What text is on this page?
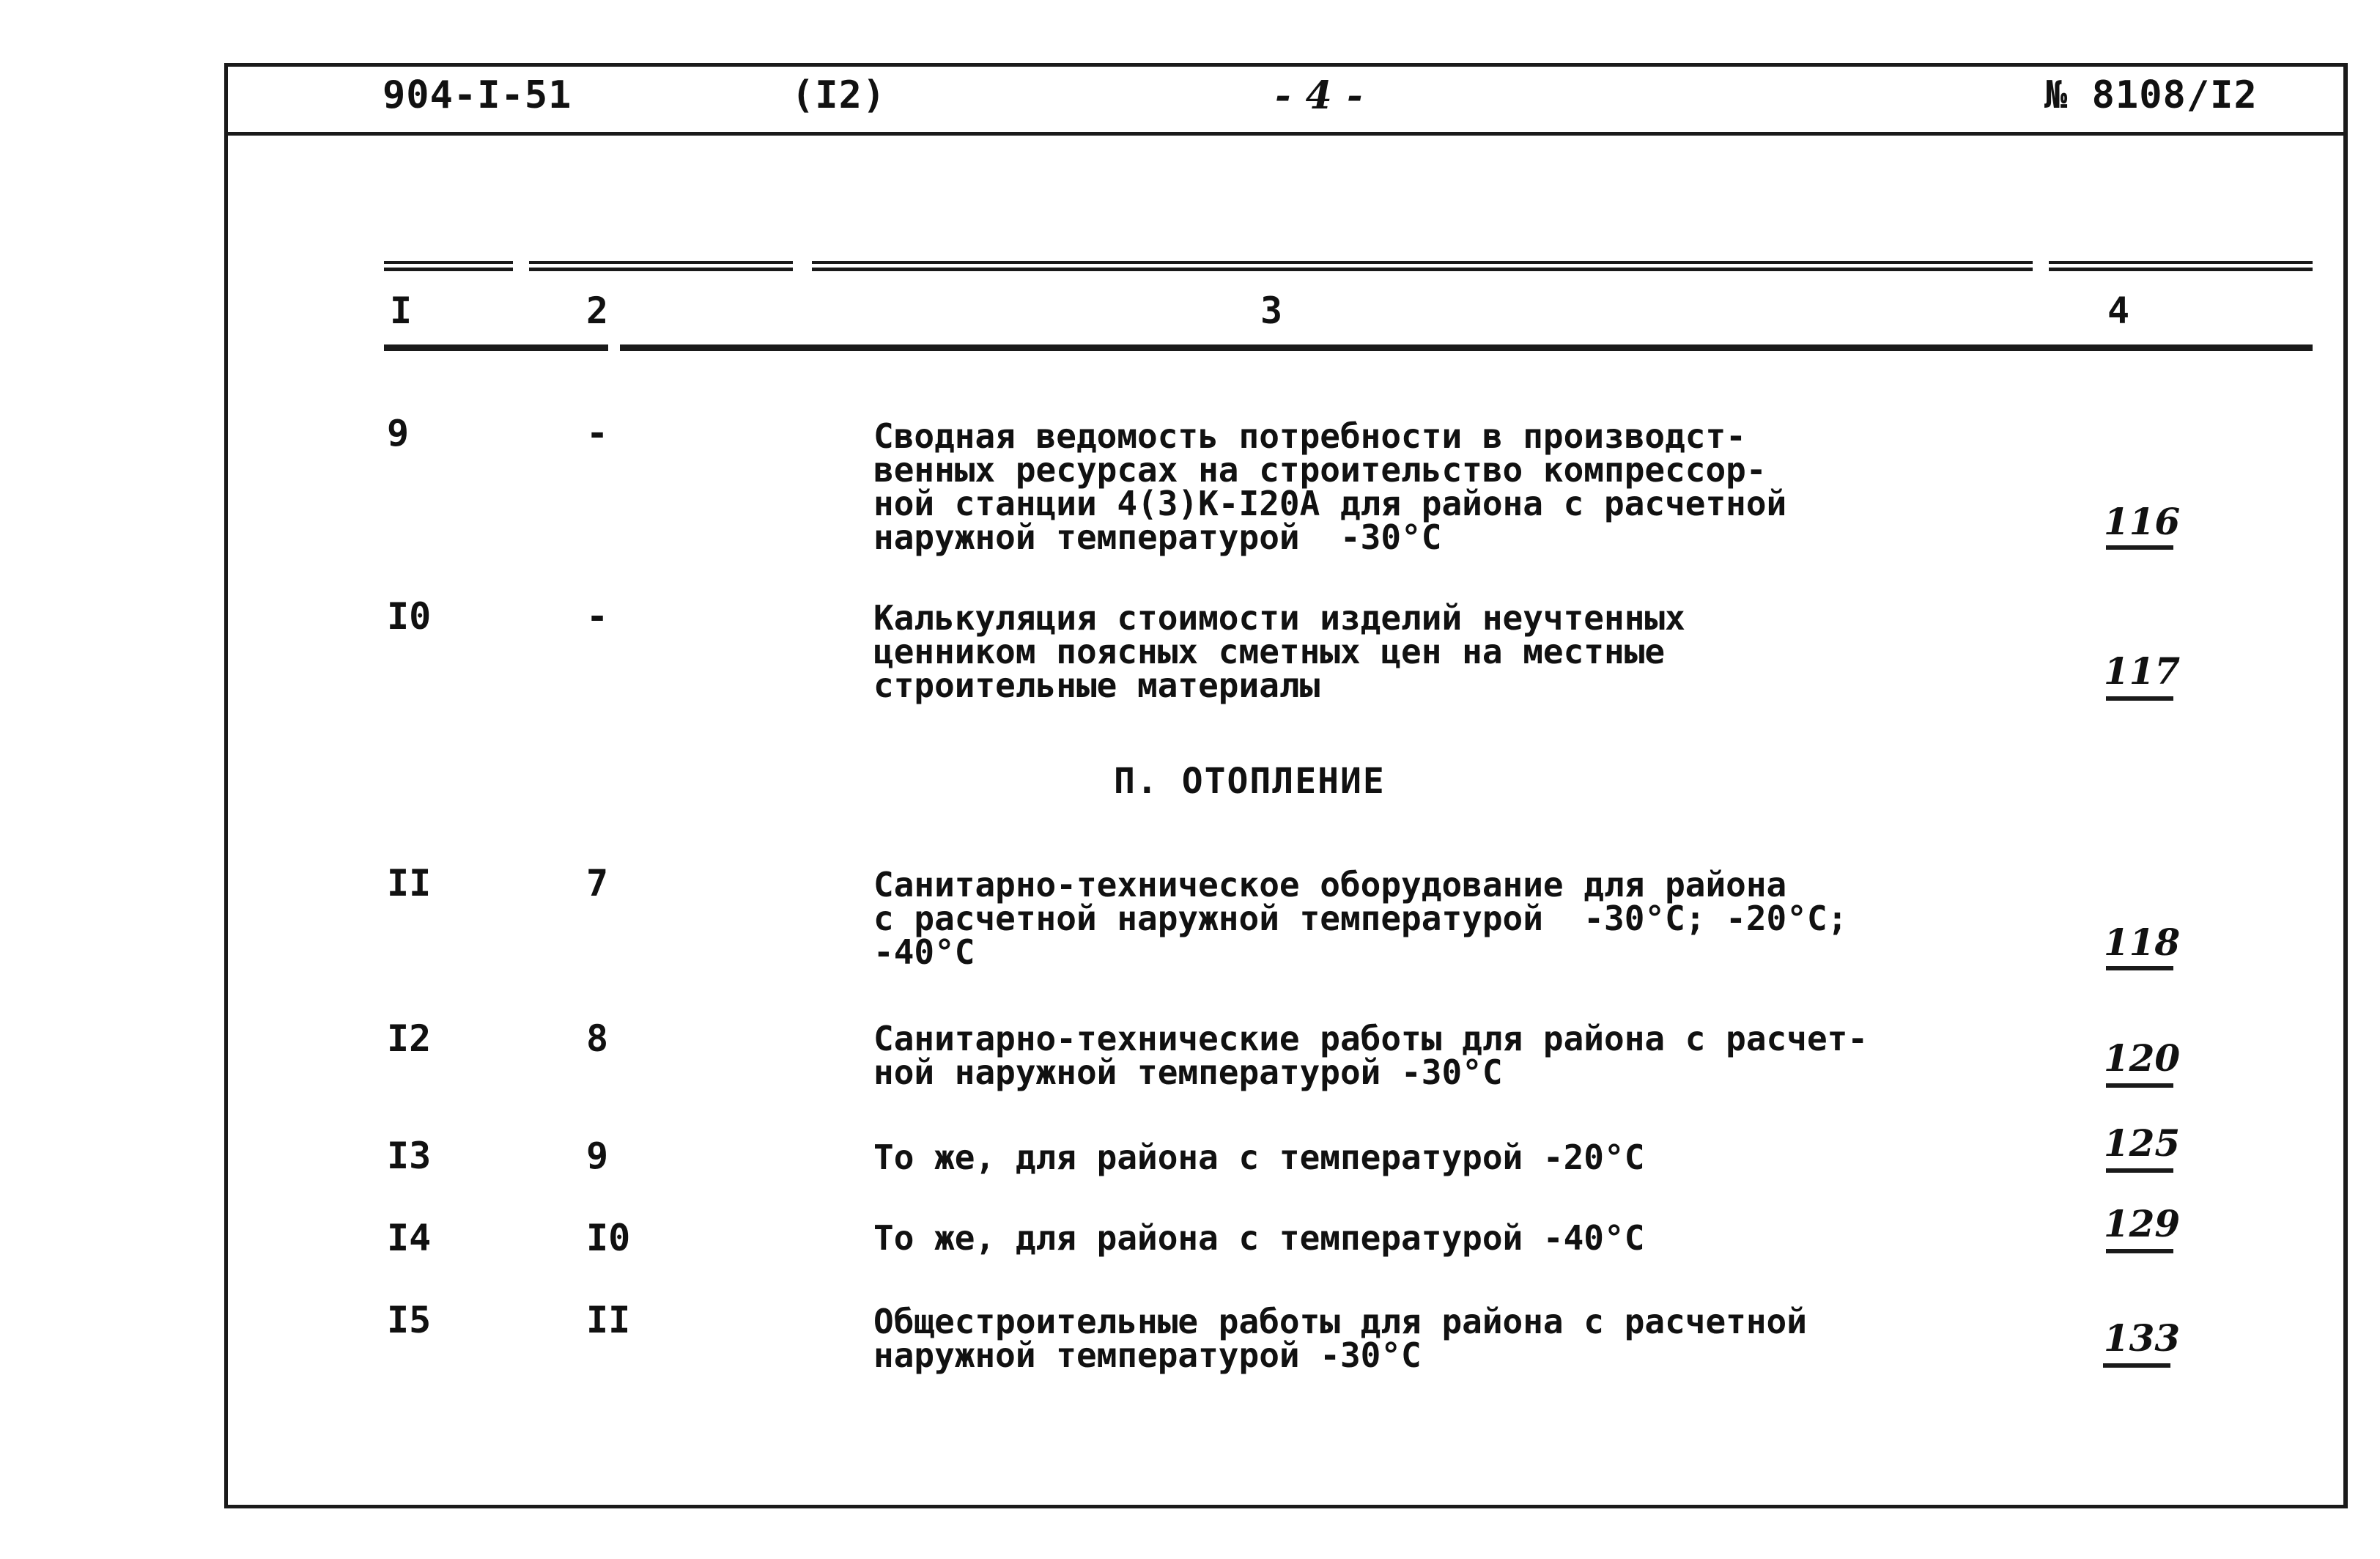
904-I-51	(I2)	- 4 -	№ 8108/I2
I	2	3	4
9	-	Сводная ведомость потребности в производст-
венных ресурсах на строительство компрессор-
ной станции 4(3)К-I20А для района с расчетной
наружной температурой  -30°С	116
I0	-	Калькуляция стоимости изделий неучтенных
ценником поясных сметных цен на местные
строительные материалы	117
П. ОТОПЛЕНИЕ
II	7	Санитарно-техническое оборудование для района
с расчетной наружной температурой  -30°С; -20°С;
-40°С	118
I2	8	Санитарно-технические работы для района с расчет-
ной наружной температурой -30°С	120
I3	9	То же, для района с температурой -20°С	125
I4	I0	То же, для района с температурой -40°С	129
I5	II	Общестроительные работы для района с расчетной
наружной температурой -30°С	133
